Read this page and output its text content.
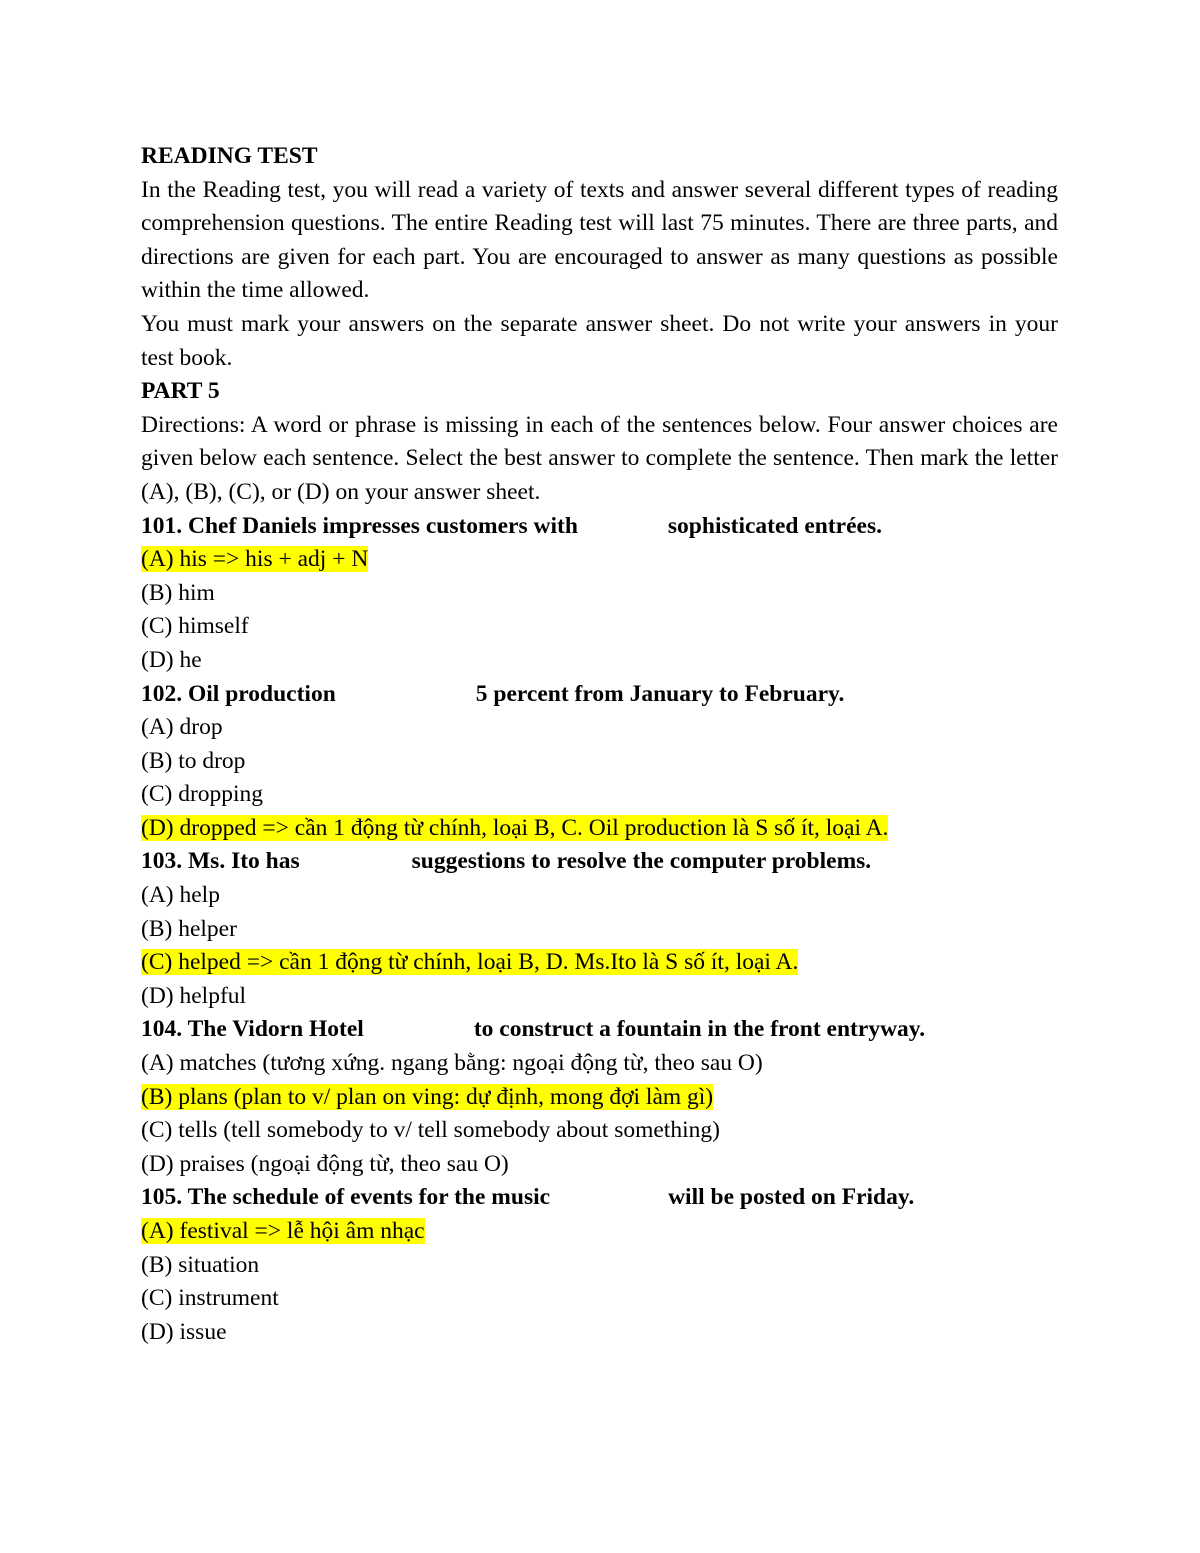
READING TEST
In the Reading test, you will read a variety of texts and answer several different types of reading comprehension questions. The entire Reading test will last 75 minutes. There are three parts, and directions are given for each part. You are encouraged to answer as many questions as possible within the time allowed.
You must mark your answers on the separate answer sheet. Do not write your answers in your test book.
PART 5
Directions: A word or phrase is missing in each of the sentences below. Four answer choices are given below each sentence. Select the best answer to complete the sentence. Then mark the letter (A), (B), (C), or (D) on your answer sheet.
101. Chef Daniels impresses customers with	sophisticated entrées.
(A) his => his + adj + N
(B) him
(C) himself
(D) he
102. Oil production	5 percent from January to February.
(A) drop
(B) to drop
(C) dropping
(D) dropped => cần 1 động từ chính, loại B, C. Oil production là S số ít, loại A.
103. Ms. Ito has	suggestions to resolve the computer problems.
(A) help
(B) helper
(C) helped => cần 1 động từ chính, loại B, D. Ms.Ito là S số ít, loại A.
(D) helpful
104. The Vidorn Hotel	to construct a fountain in the front entryway.
(A) matches (tương xứng. ngang bằng: ngoại động từ, theo sau O)
(B) plans (plan to v/ plan on ving: dự định, mong đợi làm gì)
(C) tells (tell somebody to v/ tell somebody about something)
(D) praises (ngoại động từ, theo sau O)
105. The schedule of events for the music	will be posted on Friday.
(A) festival => lễ hội âm nhạc
(B) situation
(C) instrument
(D) issue
